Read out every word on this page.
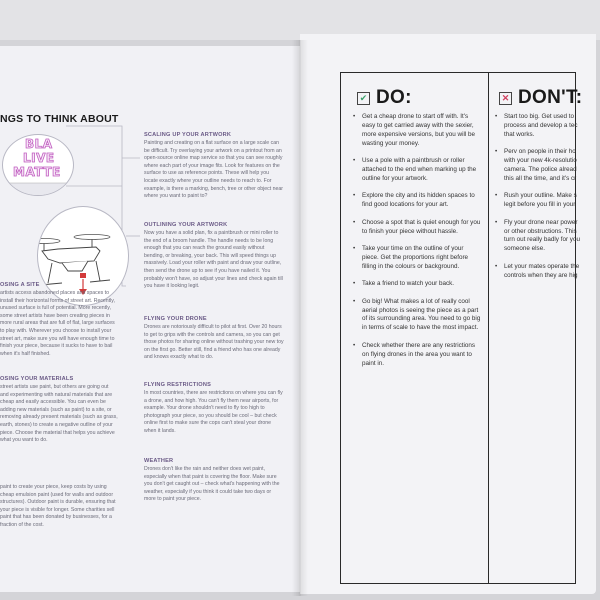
NGS TO THINK ABOUT
BLA
LIVE
MATTE
SCALING UP YOUR ARTWORK

Painting and creating on a flat surface on a large scale can be difficult. Try overlaying your artwork on a printout from an open-source online map service so that you can see roughly where each part of your image fits. Look for features on the surface to use as reference points. These will help you locate exactly where your outline needs to reach to. For example, is there a marking, bench, tree or other object near where you want to paint to?

OUTLINING YOUR ARTWORK

Now you have a solid plan, fix a paintbrush or mini roller to the end of a broom handle. The handle needs to be long enough that you can reach the ground easily without bending, or breaking, your back. This will speed things up massively. Load your roller with paint and draw your outline, then send the drone up to see if you have nailed it. You probably won't have, so adjust your lines and check again till you have it looking legit.

FLYING YOUR DRONE

Drones are notoriously difficult to pilot at first. Over 20 hours to get to grips with the controls and camera, so you can get those photos for sharing online without trashing your new toy on the first go. Better still, find a friend who has one already and knows exactly what to do.

FLYING RESTRICTIONS

In most countries, there are restrictions on where you can fly a drone, and how high. You can't fly them near airports, for example. Your drone shouldn't need to fly too high to photograph your piece, so you should be cool – but check online first to make sure the cops can't steal your drone when it lands.

WEATHER

Drones don't like the rain and neither does wet paint, especially when that paint is covering the floor. Make sure you don't get caught out – check what's happening with the weather, especially if you think it could take two days or more to paint your piece.

OSING A SITE

artists access abandoned places and spaces to install their horizontal forms of street art. Recently, unused surface is full of potential. More recently, some street artists have been creating pieces in more rural areas that are full of flat, large surfaces to play with. Wherever you choose to install your street art, make sure you will have enough time to finish your piece, because it sucks to have to bail when it's half finished.

OSING YOUR MATERIALS

street artists use paint, but others are going out and experimenting with natural materials that are cheap and easily accessible. You can even be adding new materials (such as paint) to a site, or removing already present materials (such as grass, earth, stones) to create a negative outline of your piece. Choose the material that helps you achieve what you want to do.

paint to create your piece, keep costs by using cheap emulsion paint (used for walls and outdoor structures). Outdoor paint is durable, ensuring that your piece is visible for longer. Some charities sell paint that has been donated by businesses, for a fraction of the cost.

✔ DO:
• Get a cheap drone to start off with. It's easy to get carried away with the sexier, more expensive versions, but you will be wasting your money.
• Use a pole with a paintbrush or roller attached to the end when marking up the outline for your artwork.
• Explore the city and its hidden spaces to find good locations for your art.
• Choose a spot that is quiet enough for you to finish your piece without hassle.
• Take your time on the outline of your piece. Get the proportions right before filling in the colours or background.
• Take a friend to watch your back.
• Go big! What makes a lot of really cool aerial photos is seeing the piece as a part of its surrounding area. You need to go big in terms of scale to have the most impact.
• Check whether there are any restrictions on flying drones in the area you want to paint in.
✕ DON'T:
• Start too big. Get used to
process and develop a tec
that works.
• Perv on people in their ho
with your new 4k-resolutio
camera. The police alread
this all the time, and it's cr
• Rush your outline. Make s
legit before you fill in your
• Fly your drone near power
or other obstructions. This
turn out really badly for you
someone else.
• Let your mates operate the
controls when they are hig
